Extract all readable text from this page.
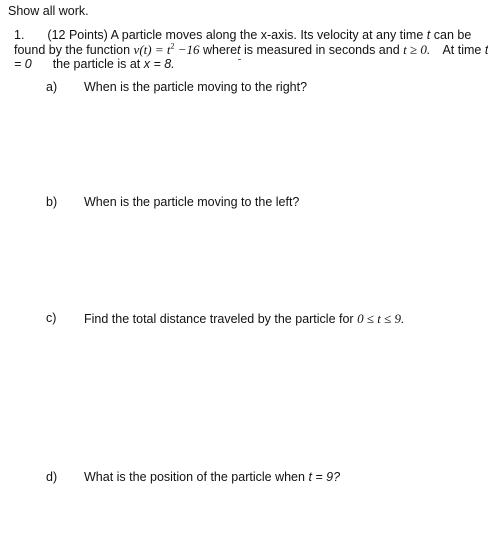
Show all work.
1. (12 Points) A particle moves along the x-axis. Its velocity at any time t can be
found by the function $v(t) = t^2 -16$ wheret is measured in seconds and t ≥ 0. At time t
= 0 the particle is at x = 8.
a) When is the particle moving to the right?
b) When is the particle moving to the left?
c) Find the total distance traveled by the particle for 0 ≤ t ≤ 9.
d) What is the position of the particle when t = 9?
